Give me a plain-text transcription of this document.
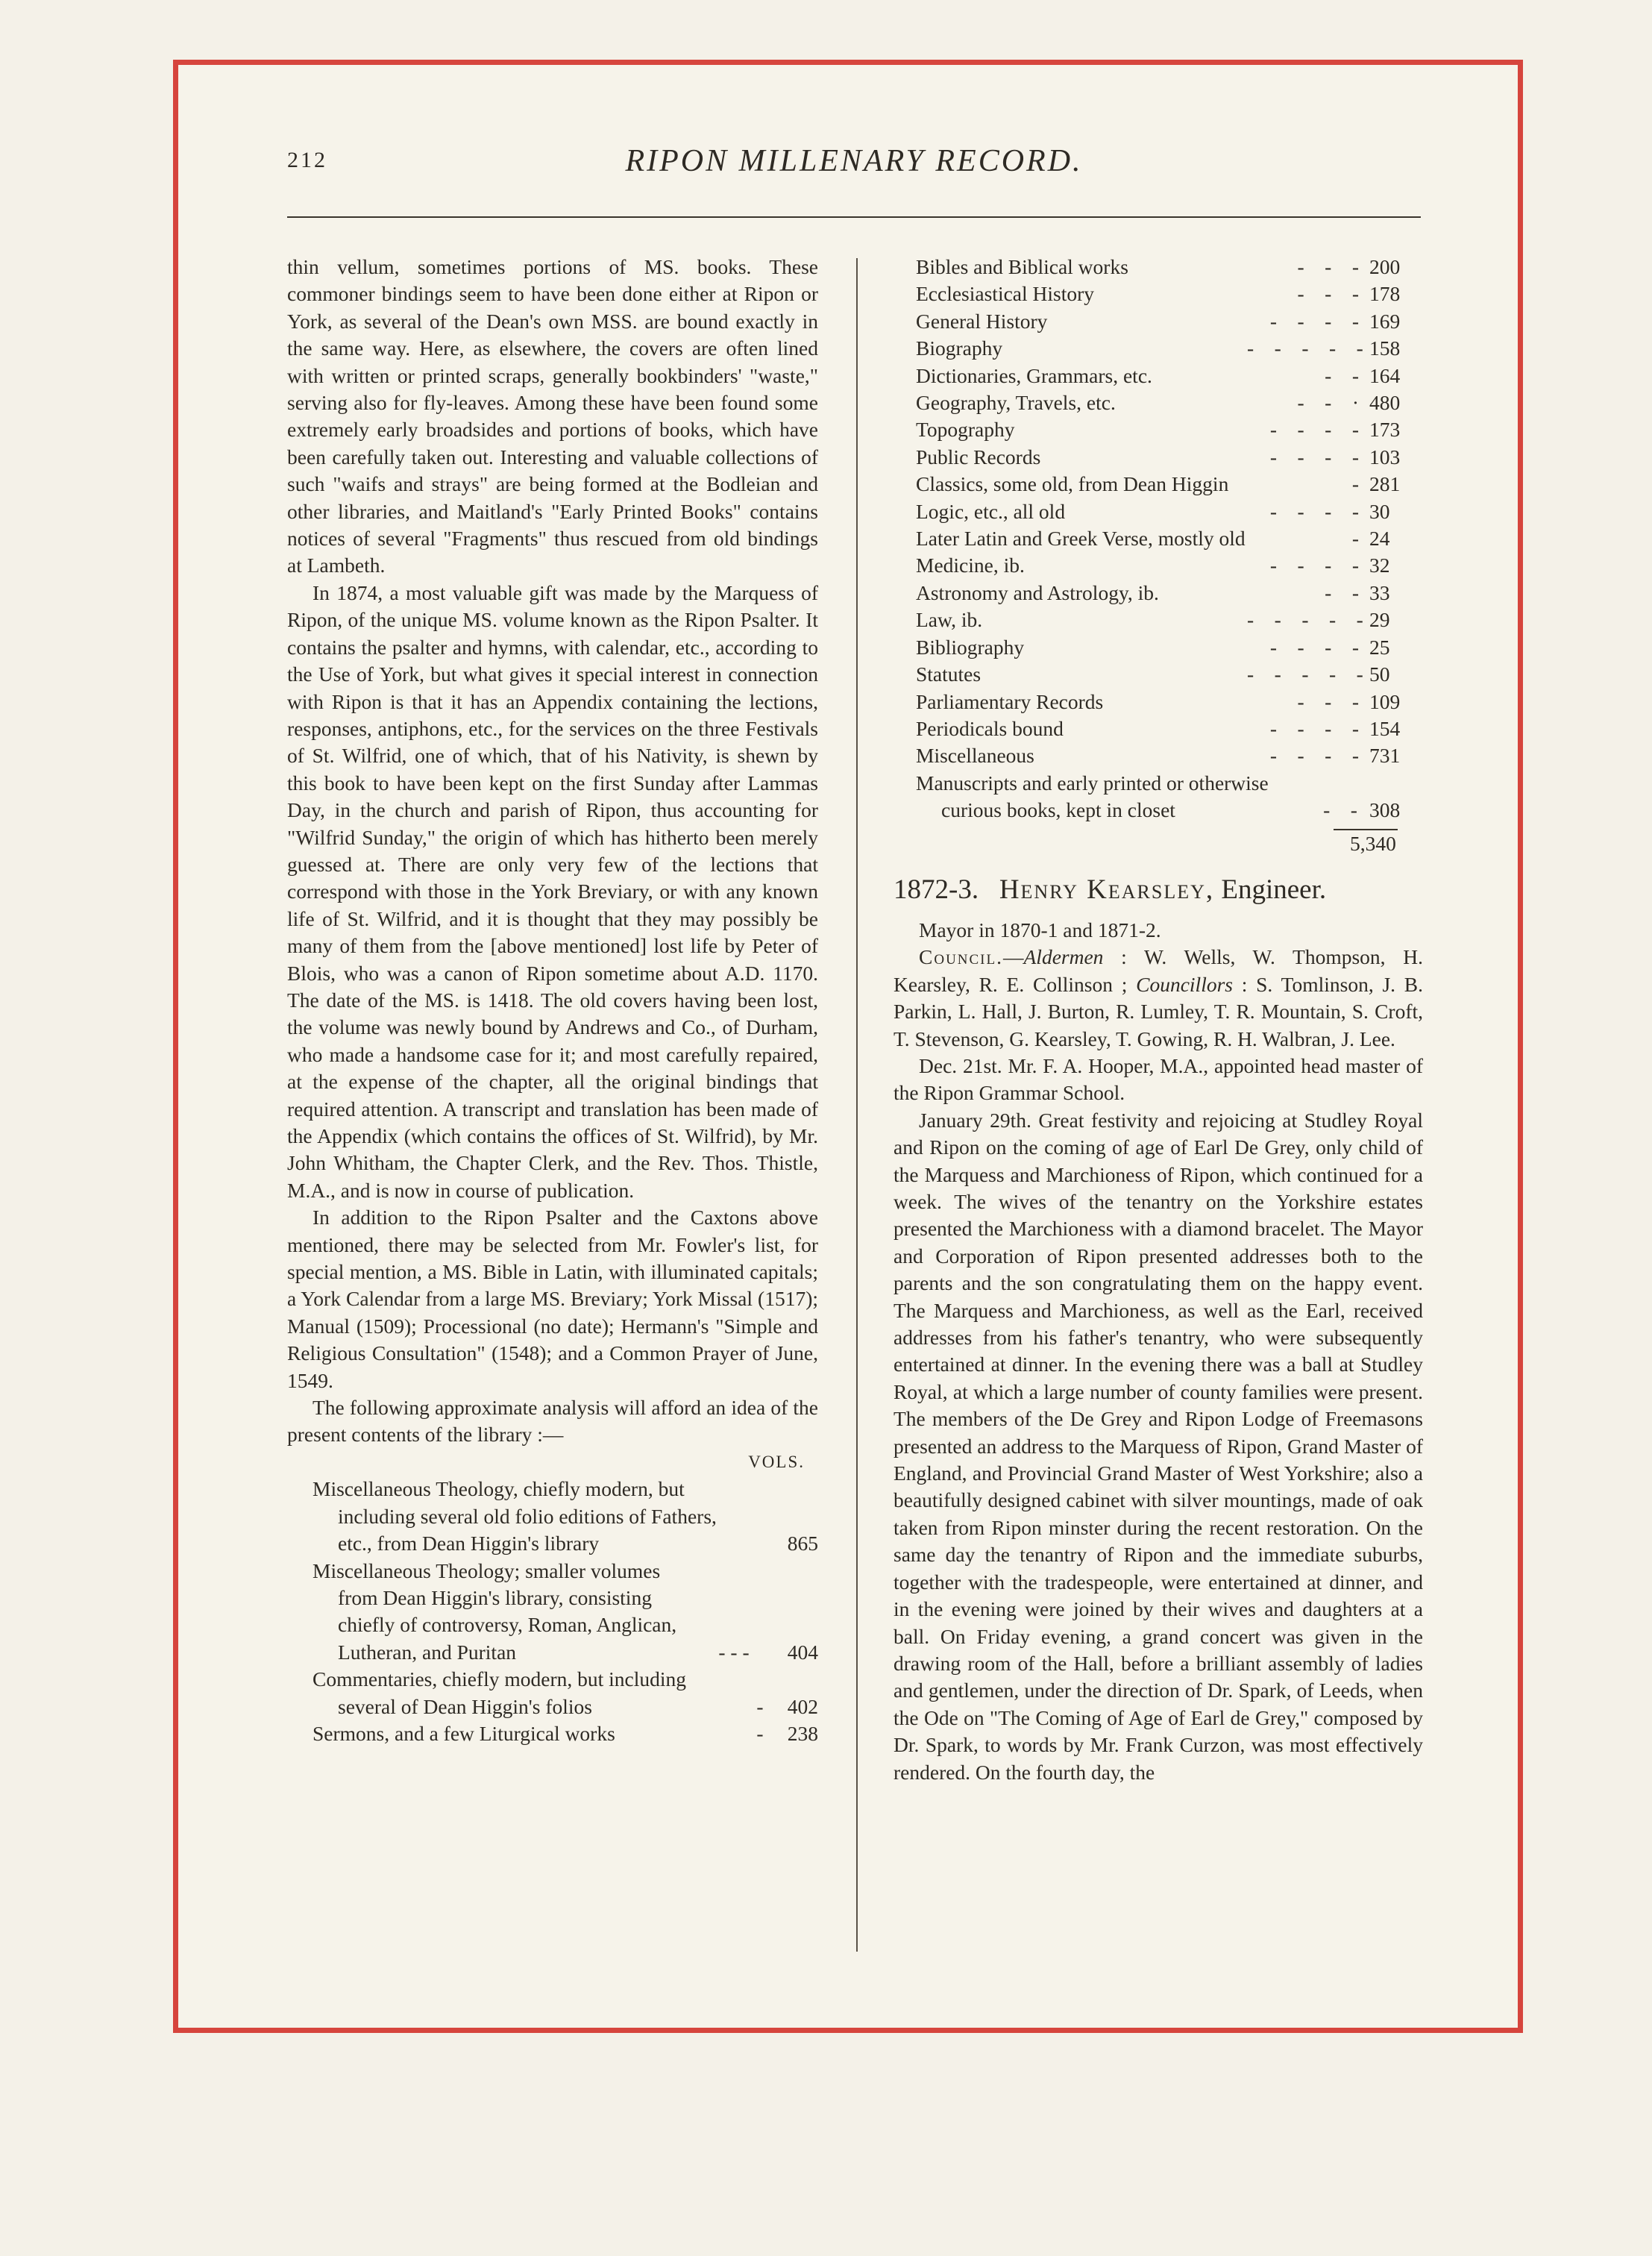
212	RIPON MILLENARY RECORD.

thin vellum, sometimes portions of MS. books. These commoner bindings seem to have been done either at Ripon or York, as several of the Dean's own MSS. are bound exactly in the same way. Here, as elsewhere, the covers are often lined with written or printed scraps, generally bookbinders' "waste," serving also for fly-leaves. Among these have been found some extremely early broadsides and portions of books, which have been carefully taken out. Interesting and valuable collections of such "waifs and strays" are being formed at the Bodleian and other libraries, and Maitland's "Early Printed Books" contains notices of several "Fragments" thus rescued from old bindings at Lambeth.

In 1874, a most valuable gift was made by the Marquess of Ripon, of the unique MS. volume known as the Ripon Psalter. It contains the psalter and hymns, with calendar, etc., according to the Use of York, but what gives it special interest in connection with Ripon is that it has an Appendix containing the lections, responses, antiphons, etc., for the services on the three Festivals of St. Wilfrid, one of which, that of his Nativity, is shewn by this book to have been kept on the first Sunday after Lammas Day, in the church and parish of Ripon, thus accounting for "Wilfrid Sunday," the origin of which has hitherto been merely guessed at. There are only very few of the lections that correspond with those in the York Breviary, or with any known life of St. Wilfrid, and it is thought that they may possibly be many of them from the [above mentioned] lost life by Peter of Blois, who was a canon of Ripon sometime about A.D. 1170. The date of the MS. is 1418. The old covers having been lost, the volume was newly bound by Andrews and Co., of Durham, who made a handsome case for it; and most carefully repaired, at the expense of the chapter, all the original bindings that required attention. A transcript and translation has been made of the Appendix (which contains the offices of St. Wilfrid), by Mr. John Whitham, the Chapter Clerk, and the Rev. Thos. Thistle, M.A., and is now in course of publication.

In addition to the Ripon Psalter and the Caxtons above mentioned, there may be selected from Mr. Fowler's list, for special mention, a MS. Bible in Latin, with illuminated capitals; a York Calendar from a large MS. Breviary; York Missal (1517); Manual (1509); Processional (no date); Hermann's "Simple and Religious Consultation" (1548); and a Common Prayer of June, 1549.

The following approximate analysis will afford an idea of the present contents of the library :—

VOLS.
Miscellaneous Theology, chiefly modern, but including several old folio editions of Fathers, etc., from Dean Higgin's library	865
Miscellaneous Theology; smaller volumes from Dean Higgin's library, consisting chiefly of controversy, Roman, Anglican, Lutheran, and Puritan	- - -	404
Commentaries, chiefly modern, but including several of Dean Higgin's folios	-	402
Sermons, and a few Liturgical works	-	238
Bibles and Biblical works	-    -    - 200
Ecclesiastical History	-    -    - 178
General History	-    -    -    - 169
Biography	-    -    -    -    - 158
Dictionaries, Grammars, etc.	-    - 164
Geography, Travels, etc.	-    -    · 480
Topography	-    -    -    - 173
Public Records	-    -    -    - 103
Classics, some old, from Dean Higgin	- 281
Logic, etc., all old	-    -    -    - 30
Later Latin and Greek Verse, mostly old	- 24
Medicine, ib.	-    -    -    - 32
Astronomy and Astrology, ib.	-    - 33
Law, ib.	-    -    -    -    - 29
Bibliography	-    -    -    - 25
Statutes	-    -    -    -    - 50
Parliamentary Records	-    -    - 109
Periodicals bound	-    -    -    - 154
Miscellaneous	-    -    -    - 731
Manuscripts and early printed or otherwise
curious books, kept in closet	-    - 308
5,340
1872-3. Henry Kearsley, Engineer.

Mayor in 1870-1 and 1871-2.

Council.—Aldermen : W. Wells, W. Thompson, H. Kearsley, R. E. Collinson ; Councillors : S. Tomlinson, J. B. Parkin, L. Hall, J. Burton, R. Lumley, T. R. Mountain, S. Croft, T. Stevenson, G. Kearsley, T. Gowing, R. H. Walbran, J. Lee.

Dec. 21st. Mr. F. A. Hooper, M.A., appointed head master of the Ripon Grammar School.

January 29th. Great festivity and rejoicing at Studley Royal and Ripon on the coming of age of Earl De Grey, only child of the Marquess and Marchioness of Ripon, which continued for a week. The wives of the tenantry on the Yorkshire estates presented the Marchioness with a diamond bracelet. The Mayor and Corporation of Ripon presented addresses both to the parents and the son congratulating them on the happy event. The Marquess and Marchioness, as well as the Earl, received addresses from his father's tenantry, who were subsequently entertained at dinner. In the evening there was a ball at Studley Royal, at which a large number of county families were present. The members of the De Grey and Ripon Lodge of Freemasons presented an address to the Marquess of Ripon, Grand Master of England, and Provincial Grand Master of West Yorkshire; also a beautifully designed cabinet with silver mountings, made of oak taken from Ripon minster during the recent restoration. On the same day the tenantry of Ripon and the immediate suburbs, together with the tradespeople, were entertained at dinner, and in the evening were joined by their wives and daughters at a ball. On Friday evening, a grand concert was given in the drawing room of the Hall, before a brilliant assembly of ladies and gentlemen, under the direction of Dr. Spark, of Leeds, when the Ode on "The Coming of Age of Earl de Grey," composed by Dr. Spark, to words by Mr. Frank Curzon, was most effectively rendered. On the fourth day, the
